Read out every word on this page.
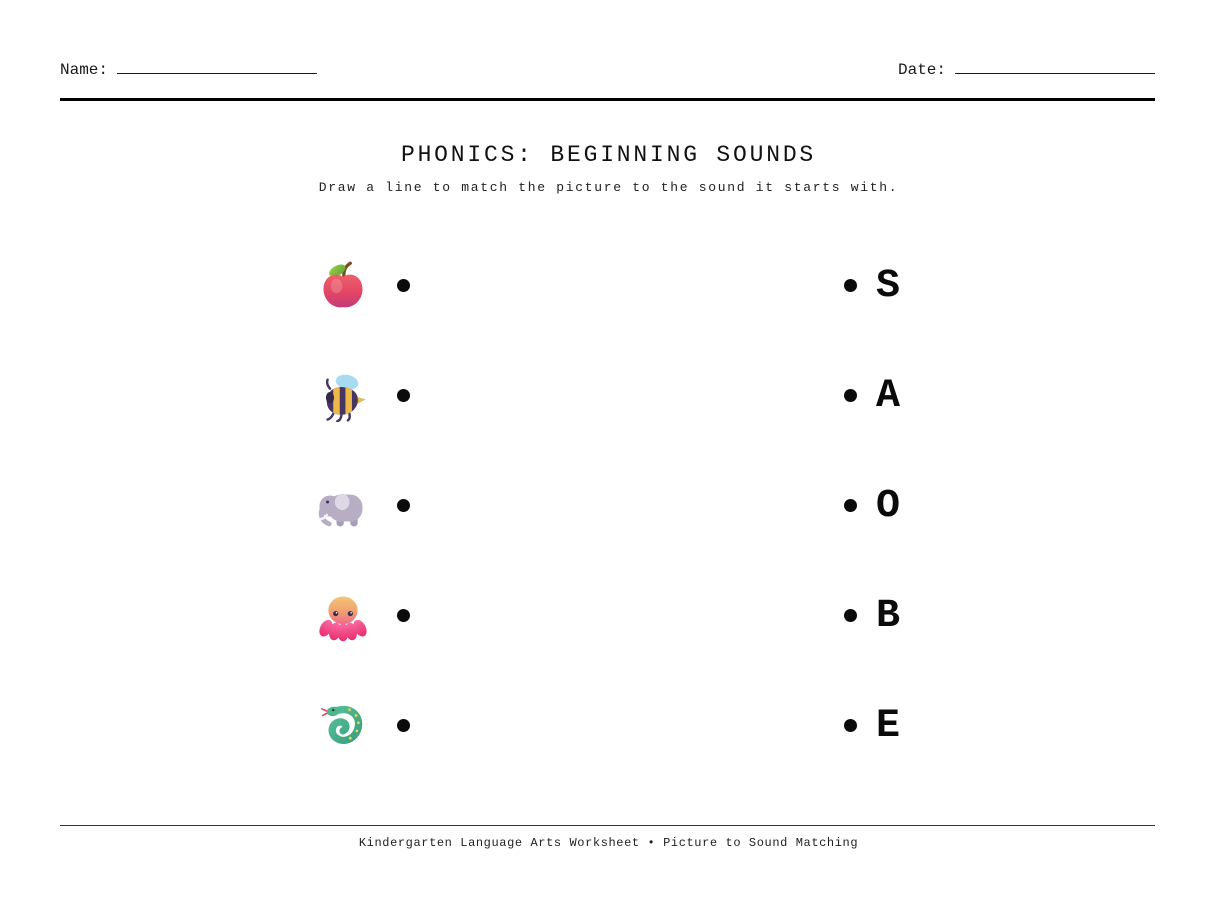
Name:	Date:
PHONICS: BEGINNING SOUNDS
Draw a line to match the picture to the sound it starts with.
S
A
O
B
E
Kindergarten Language Arts Worksheet • Picture to Sound Matching
